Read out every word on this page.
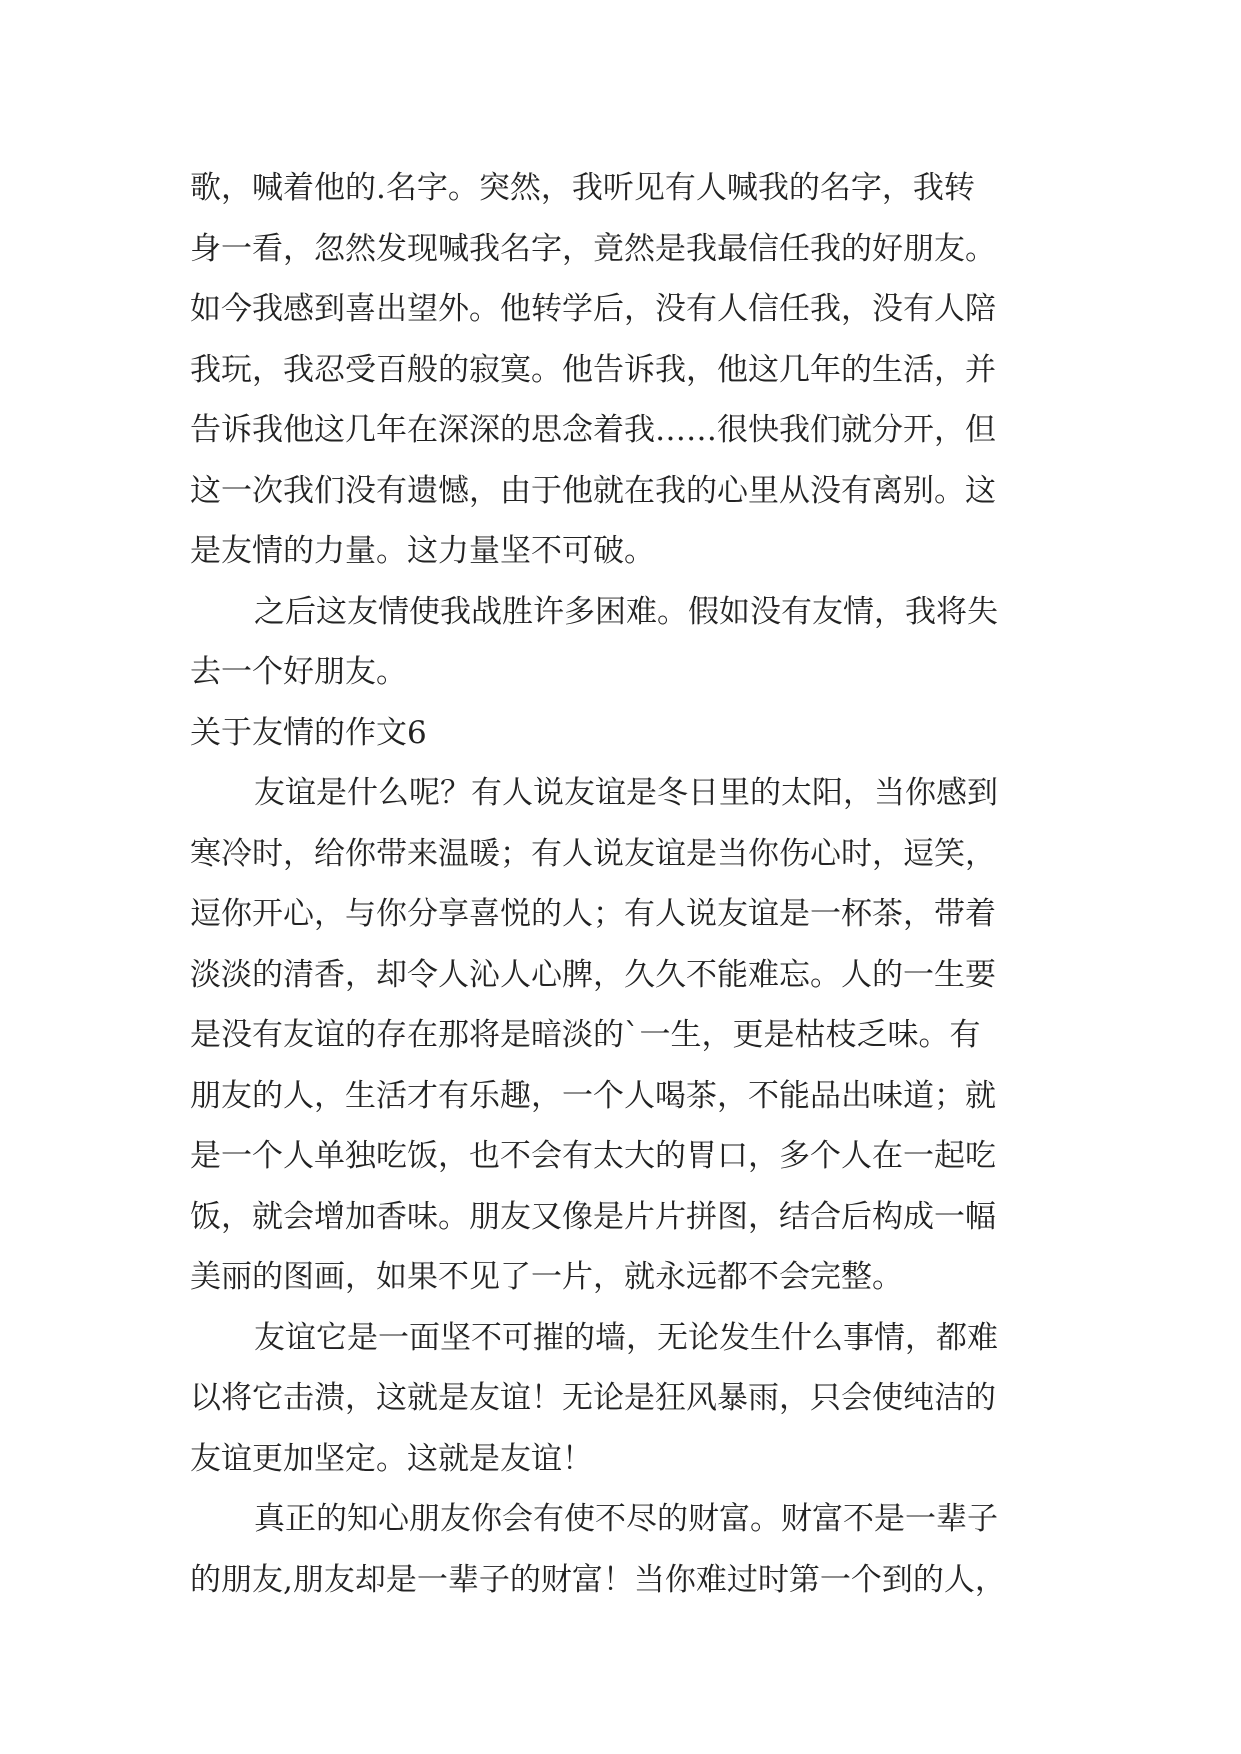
歌，喊着他的.名字。突然，我听见有人喊我的名字，我转
身一看，忽然发现喊我名字，竟然是我最信任我的好朋友。
如今我感到喜出望外。他转学后，没有人信任我，没有人陪
我玩，我忍受百般的寂寞。他告诉我，他这几年的生活，并
告诉我他这几年在深深的思念着我……很快我们就分开，但
这一次我们没有遗憾，由于他就在我的心里从没有离别。这
是友情的力量。这力量坚不可破。

之后这友情使我战胜许多困难。假如没有友情，我将失
去一个好朋友。

关于友情的作文6

友谊是什么呢？有人说友谊是冬日里的太阳，当你感到
寒冷时，给你带来温暖；有人说友谊是当你伤心时，逗笑，
逗你开心，与你分享喜悦的人；有人说友谊是一杯茶，带着
淡淡的清香，却令人沁人心脾，久久不能难忘。人的一生要
是没有友谊的存在那将是暗淡的`一生，更是枯枝乏味。有
朋友的人，生活才有乐趣，一个人喝茶，不能品出味道；就
是一个人单独吃饭，也不会有太大的胃口，多个人在一起吃
饭，就会增加香味。朋友又像是片片拼图，结合后构成一幅
美丽的图画，如果不见了一片，就永远都不会完整。

友谊它是一面坚不可摧的墙，无论发生什么事情，都难
以将它击溃，这就是友谊！无论是狂风暴雨，只会使纯洁的
友谊更加坚定。这就是友谊！

真正的知心朋友你会有使不尽的财富。财富不是一辈子
的朋友,朋友却是一辈子的财富！当你难过时第一个到的人，
